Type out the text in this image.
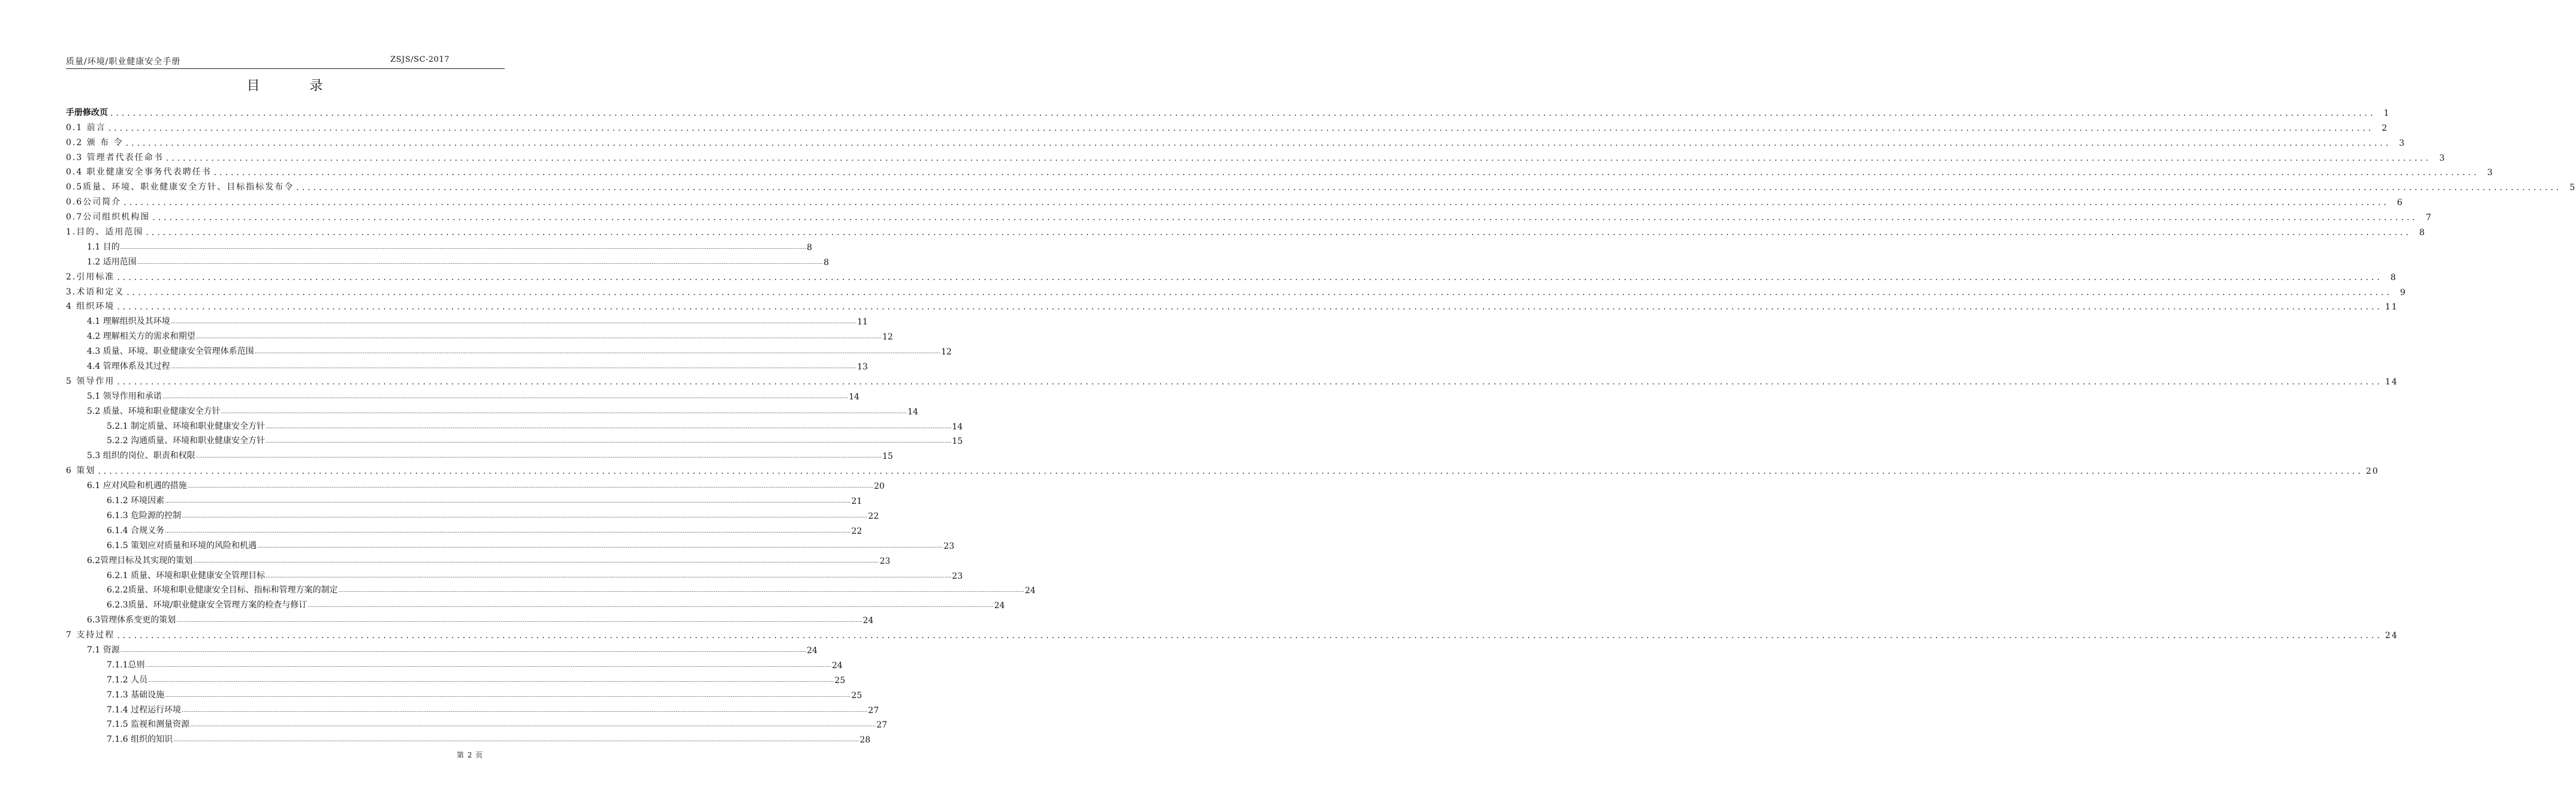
质量/环境/职业健康安全手册	ZSJS/SC-2017
目 录
手册修改页 ................................................................................................................................................................................................................................................................................................................................................................................................................ 1
0.1 前言 ................................................................................................................................................................................................................................................................................................................................................................................................................ 2
0.2 颁 布 令 ................................................................................................................................................................................................................................................................................................................................................................................................................ 3
0.3 管理者代表任命书 ................................................................................................................................................................................................................................................................................................................................................................................................................ 3
0.4 职业健康安全事务代表聘任书 ................................................................................................................................................................................................................................................................................................................................................................................................................ 3
0.5质量、环境、职业健康安全方针、目标指标发布令 ................................................................................................................................................................................................................................................................................................................................................................................................................ 5
0.6公司简介 ................................................................................................................................................................................................................................................................................................................................................................................................................ 6
0.7公司组织机构图 ................................................................................................................................................................................................................................................................................................................................................................................................................ 7
1.目的、适用范围 ................................................................................................................................................................................................................................................................................................................................................................................................................ 8
1.1 目的 ................................................................................................................................................................................................................................................................................................................................................................................................................ 8
1.2 适用范围 ................................................................................................................................................................................................................................................................................................................................................................................................................ 8
2.引用标准 ................................................................................................................................................................................................................................................................................................................................................................................................................ 8
3.术语和定义 ................................................................................................................................................................................................................................................................................................................................................................................................................ 9
4 组织环境 ................................................................................................................................................................................................................................................................................................................................................................................................................ 11
4.1 理解组织及其环境 ................................................................................................................................................................................................................................................................................................................................................................................................................ 11
4.2 理解相关方的需求和期望 ................................................................................................................................................................................................................................................................................................................................................................................................................ 12
4.3 质量、环境、职业健康安全管理体系范围 ................................................................................................................................................................................................................................................................................................................................................................................................................ 12
4.4 管理体系及其过程 ................................................................................................................................................................................................................................................................................................................................................................................................................ 13
5 领导作用 ................................................................................................................................................................................................................................................................................................................................................................................................................ 14
5.1 领导作用和承诺 ................................................................................................................................................................................................................................................................................................................................................................................................................ 14
5.2 质量、环境和职业健康安全方针 ................................................................................................................................................................................................................................................................................................................................................................................................................ 14
5.2.1 制定质量、环境和职业健康安全方针 ................................................................................................................................................................................................................................................................................................................................................................................................................ 14
5.2.2 沟通质量、环境和职业健康安全方针 ................................................................................................................................................................................................................................................................................................................................................................................................................ 15
5.3 组织的岗位、职责和权限 ................................................................................................................................................................................................................................................................................................................................................................................................................ 15
6 策划 ................................................................................................................................................................................................................................................................................................................................................................................................................ 20
6.1 应对风险和机遇的措施 ................................................................................................................................................................................................................................................................................................................................................................................................................ 20
6.1.2 环境因素 ................................................................................................................................................................................................................................................................................................................................................................................................................ 21
6.1.3 危险源的控制 ................................................................................................................................................................................................................................................................................................................................................................................................................ 22
6.1.4 合规义务 ................................................................................................................................................................................................................................................................................................................................................................................................................ 22
6.1.5 策划应对质量和环境的风险和机遇 ................................................................................................................................................................................................................................................................................................................................................................................................................ 23
6.2管理目标及其实现的策划 ................................................................................................................................................................................................................................................................................................................................................................................................................ 23
6.2.1 质量、环境和职业健康安全管理目标 ................................................................................................................................................................................................................................................................................................................................................................................................................ 23
6.2.2质量、环境和职业健康安全目标、指标和管理方案的制定 ................................................................................................................................................................................................................................................................................................................................................................................................................ 24
6.2.3质量、环境/职业健康安全管理方案的检查与修订 ................................................................................................................................................................................................................................................................................................................................................................................................................ 24
6.3管理体系变更的策划 ................................................................................................................................................................................................................................................................................................................................................................................................................ 24
7 支持过程 ................................................................................................................................................................................................................................................................................................................................................................................................................ 24
7.1 资源 ................................................................................................................................................................................................................................................................................................................................................................................................................ 24
7.1.1总则 ................................................................................................................................................................................................................................................................................................................................................................................................................ 24
7.1.2 人员 ................................................................................................................................................................................................................................................................................................................................................................................................................ 25
7.1.3 基础设施 ................................................................................................................................................................................................................................................................................................................................................................................................................ 25
7.1.4 过程运行环境 ................................................................................................................................................................................................................................................................................................................................................................................................................ 27
7.1.5 监视和测量资源 ................................................................................................................................................................................................................................................................................................................................................................................................................ 27
7.1.6 组织的知识 ................................................................................................................................................................................................................................................................................................................................................................................................................ 28
第 2 页
